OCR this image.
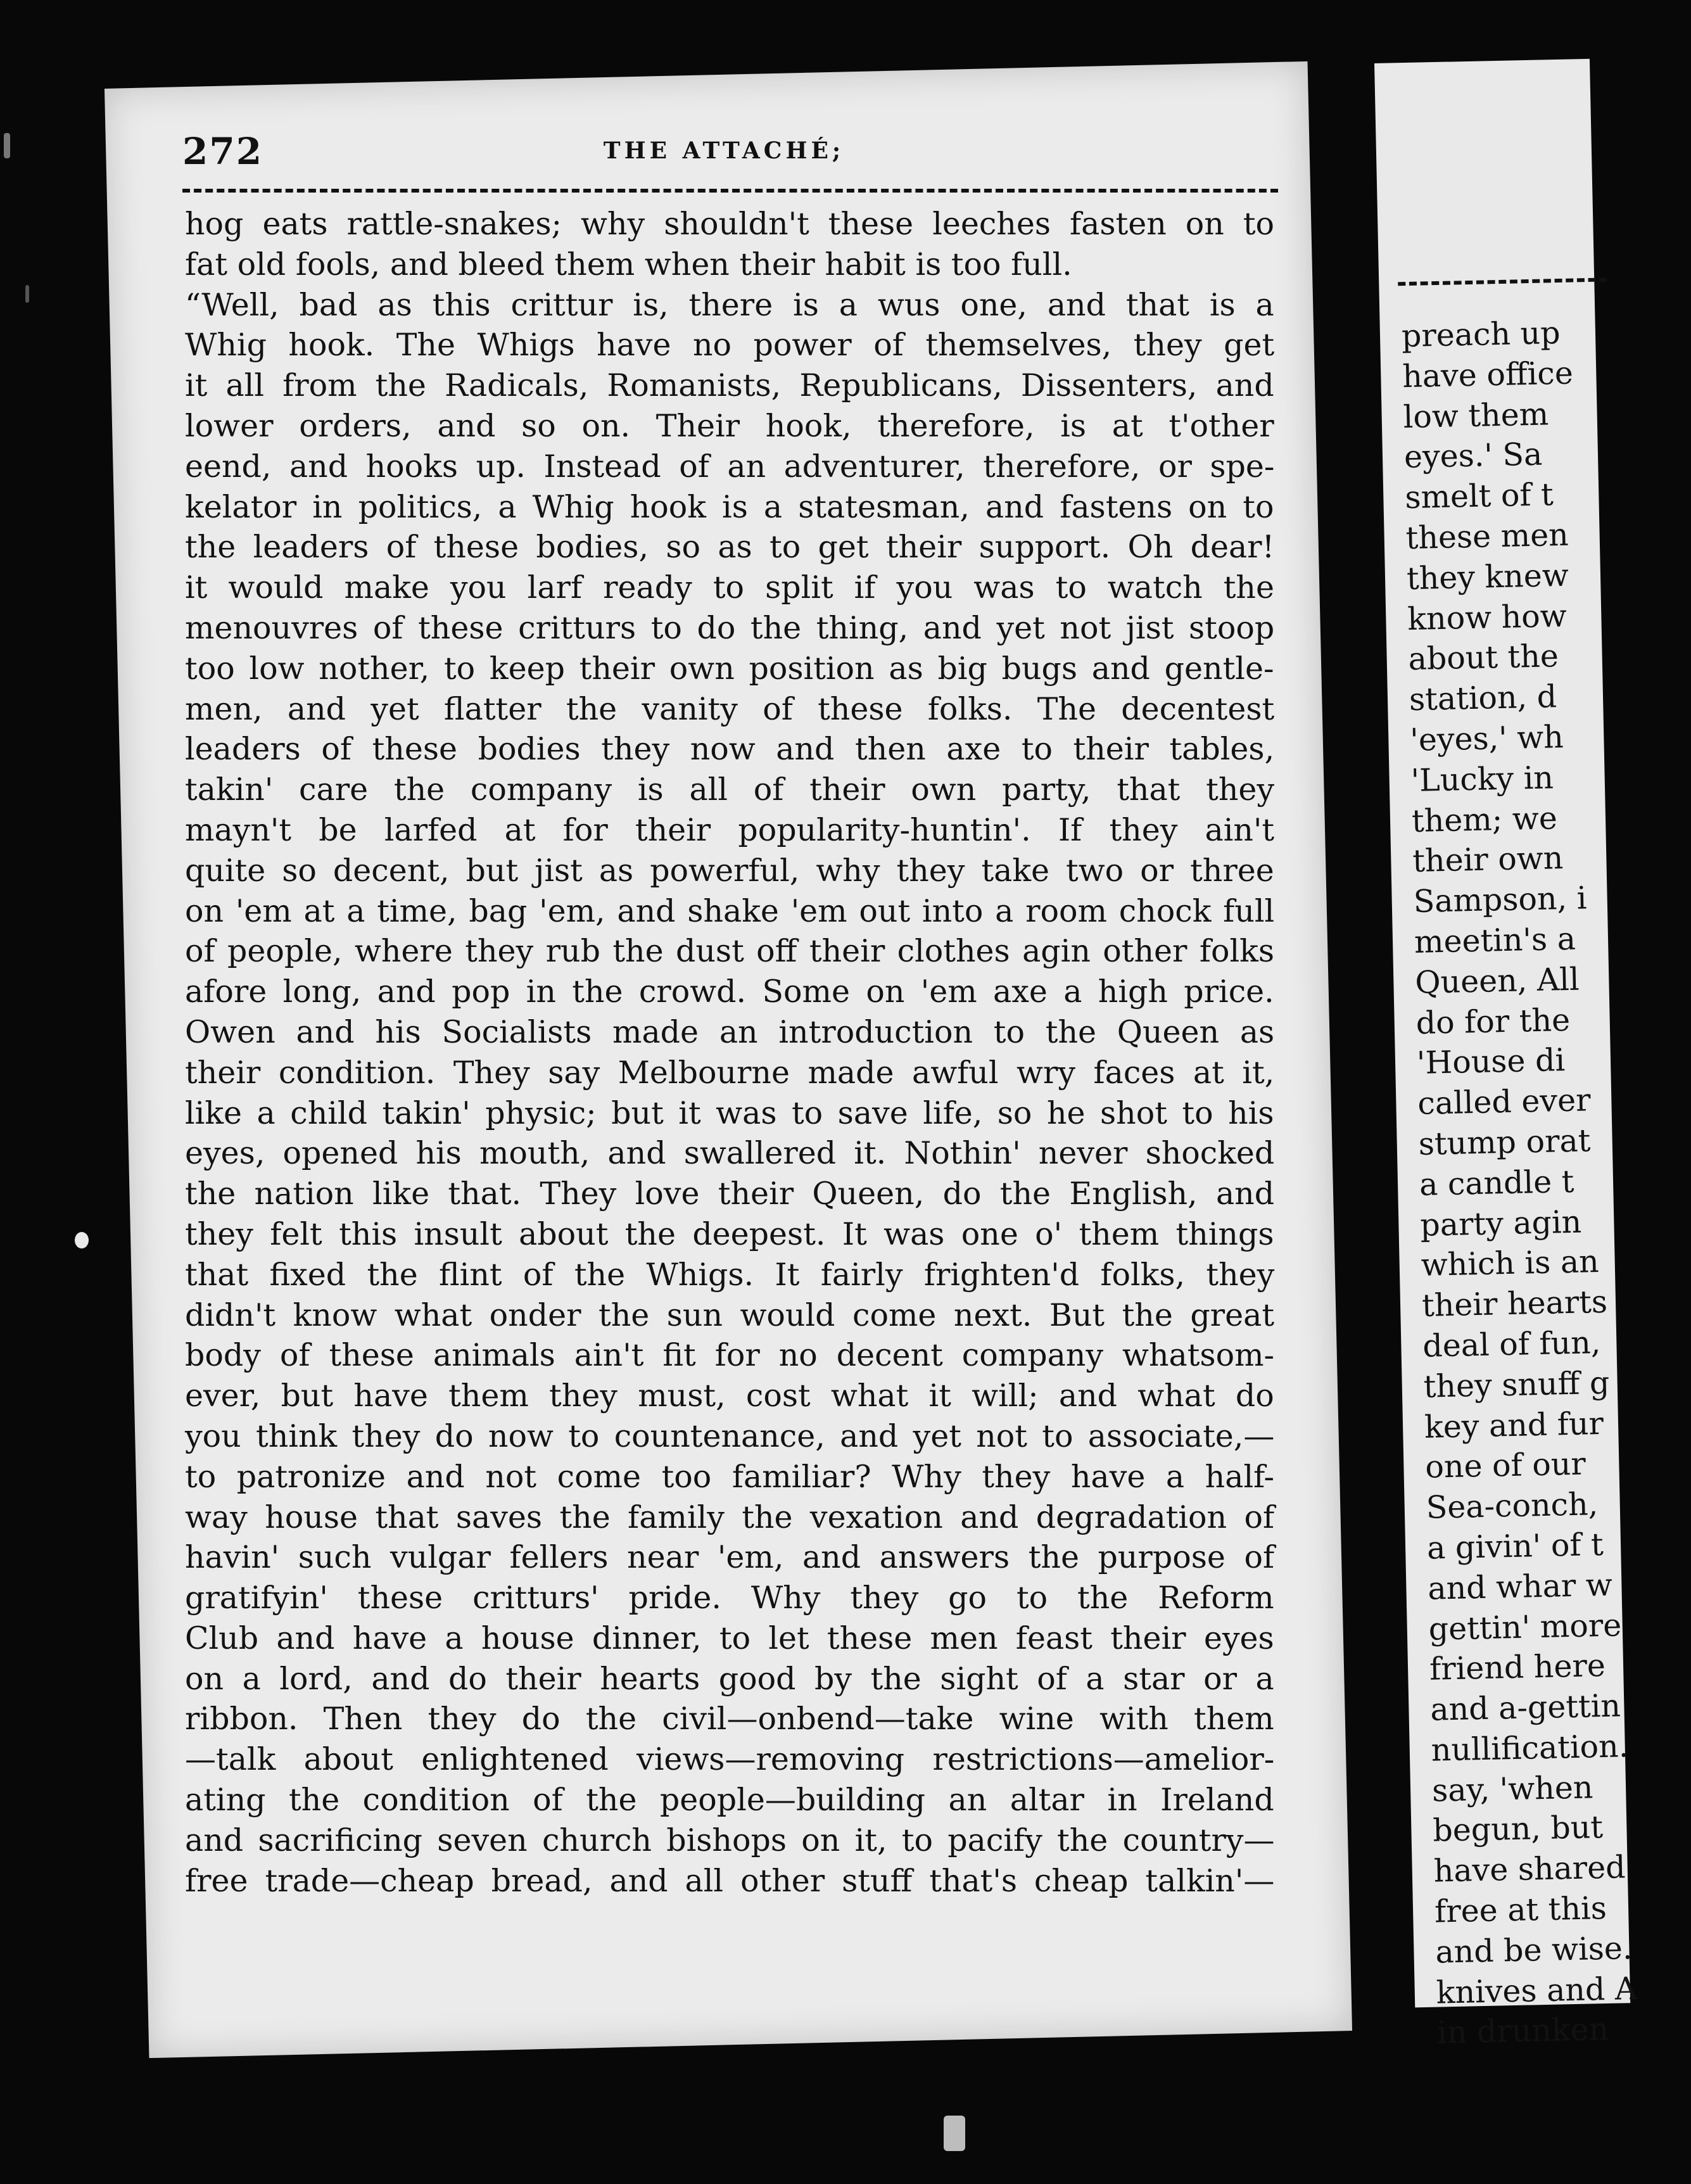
272	THE ATTACHÉ;
hog eats rattle-snakes; why shouldn't these leeches fasten on to
fat old fools, and bleed them when their habit is too full.
“Well, bad as this crittur is, there is a wus one, and that is a
Whig hook. The Whigs have no power of themselves, they get
it all from the Radicals, Romanists, Republicans, Dissenters, and
lower orders, and so on. Their hook, therefore, is at t'other
eend, and hooks up. Instead of an adventurer, therefore, or spe-
kelator in politics, a Whig hook is a statesman, and fastens on to
the leaders of these bodies, so as to get their support. Oh dear!
it would make you larf ready to split if you was to watch the
menouvres of these critturs to do the thing, and yet not jist stoop
too low nother, to keep their own position as big bugs and gentle-
men, and yet flatter the vanity of these folks. The decentest
leaders of these bodies they now and then axe to their tables,
takin' care the company is all of their own party, that they
mayn't be larfed at for their popularity-huntin'. If they ain't
quite so decent, but jist as powerful, why they take two or three
on 'em at a time, bag 'em, and shake 'em out into a room chock full
of people, where they rub the dust off their clothes agin other folks
afore long, and pop in the crowd. Some on 'em axe a high price.
Owen and his Socialists made an introduction to the Queen as
their condition. They say Melbourne made awful wry faces at it,
like a child takin' physic; but it was to save life, so he shot to his
eyes, opened his mouth, and swallered it. Nothin' never shocked
the nation like that. They love their Queen, do the English, and
they felt this insult about the deepest. It was one o' them things
that fixed the flint of the Whigs. It fairly frighten'd folks, they
didn't know what onder the sun would come next. But the great
body of these animals ain't fit for no decent company whatsom-
ever, but have them they must, cost what it will; and what do
you think they do now to countenance, and yet not to associate,—
to patronize and not come too familiar? Why they have a half-
way house that saves the family the vexation and degradation of
havin' such vulgar fellers near 'em, and answers the purpose of
gratifyin' these critturs' pride. Why they go to the Reform
Club and have a house dinner, to let these men feast their eyes
on a lord, and do their hearts good by the sight of a star or a
ribbon. Then they do the civil—onbend—take wine with them
—talk about enlightened views—removing restrictions—amelior-
ating the condition of the people—building an altar in Ireland
and sacrificing seven church bishops on it, to pacify the country—
free trade—cheap bread, and all other stuff that's cheap talkin'—
preach up
have office
low them
eyes.' Sa
smelt of t
these men
they knew
know how
about the
station, d
'eyes,' wh
'Lucky in
them; we
their own
Sampson, i
meetin's a
Queen, All
do for the
'House di
called ever
stump orat
a candle t
party agin
which is an
their hearts
deal of fun,
they snuff g
key and fur
one of our
Sea-conch,
a givin' of t
and whar w
gettin' more
friend here
and a-gettin
nullification.
say, 'when
begun, but
have shared
free at this
and be wise.
knives and A
in drunken
